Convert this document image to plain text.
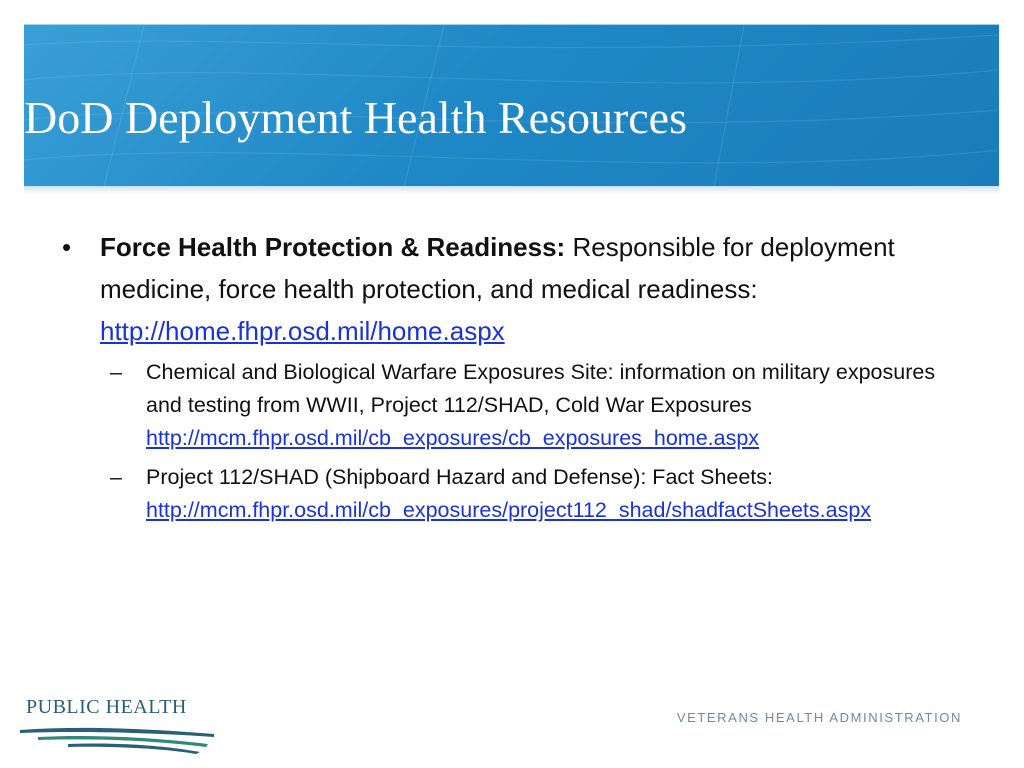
DoD Deployment Health Resources

•	Force Health Protection & Readiness: Responsible for deployment medicine, force health protection, and medical readiness: http://home.fhpr.osd.mil/home.aspx

– Chemical and Biological Warfare Exposures Site: information on military exposures and testing from WWII, Project 112/SHAD, Cold War Exposures http://mcm.fhpr.osd.mil/cb_exposures/cb_exposures_home.aspx

– Project 112/SHAD (Shipboard Hazard and Defense): Fact Sheets: http://mcm.fhpr.osd.mil/cb_exposures/project112_shad/shadfactSheets.aspx

PUBLIC HEALTH	VETERANS HEALTH ADMINISTRATION
